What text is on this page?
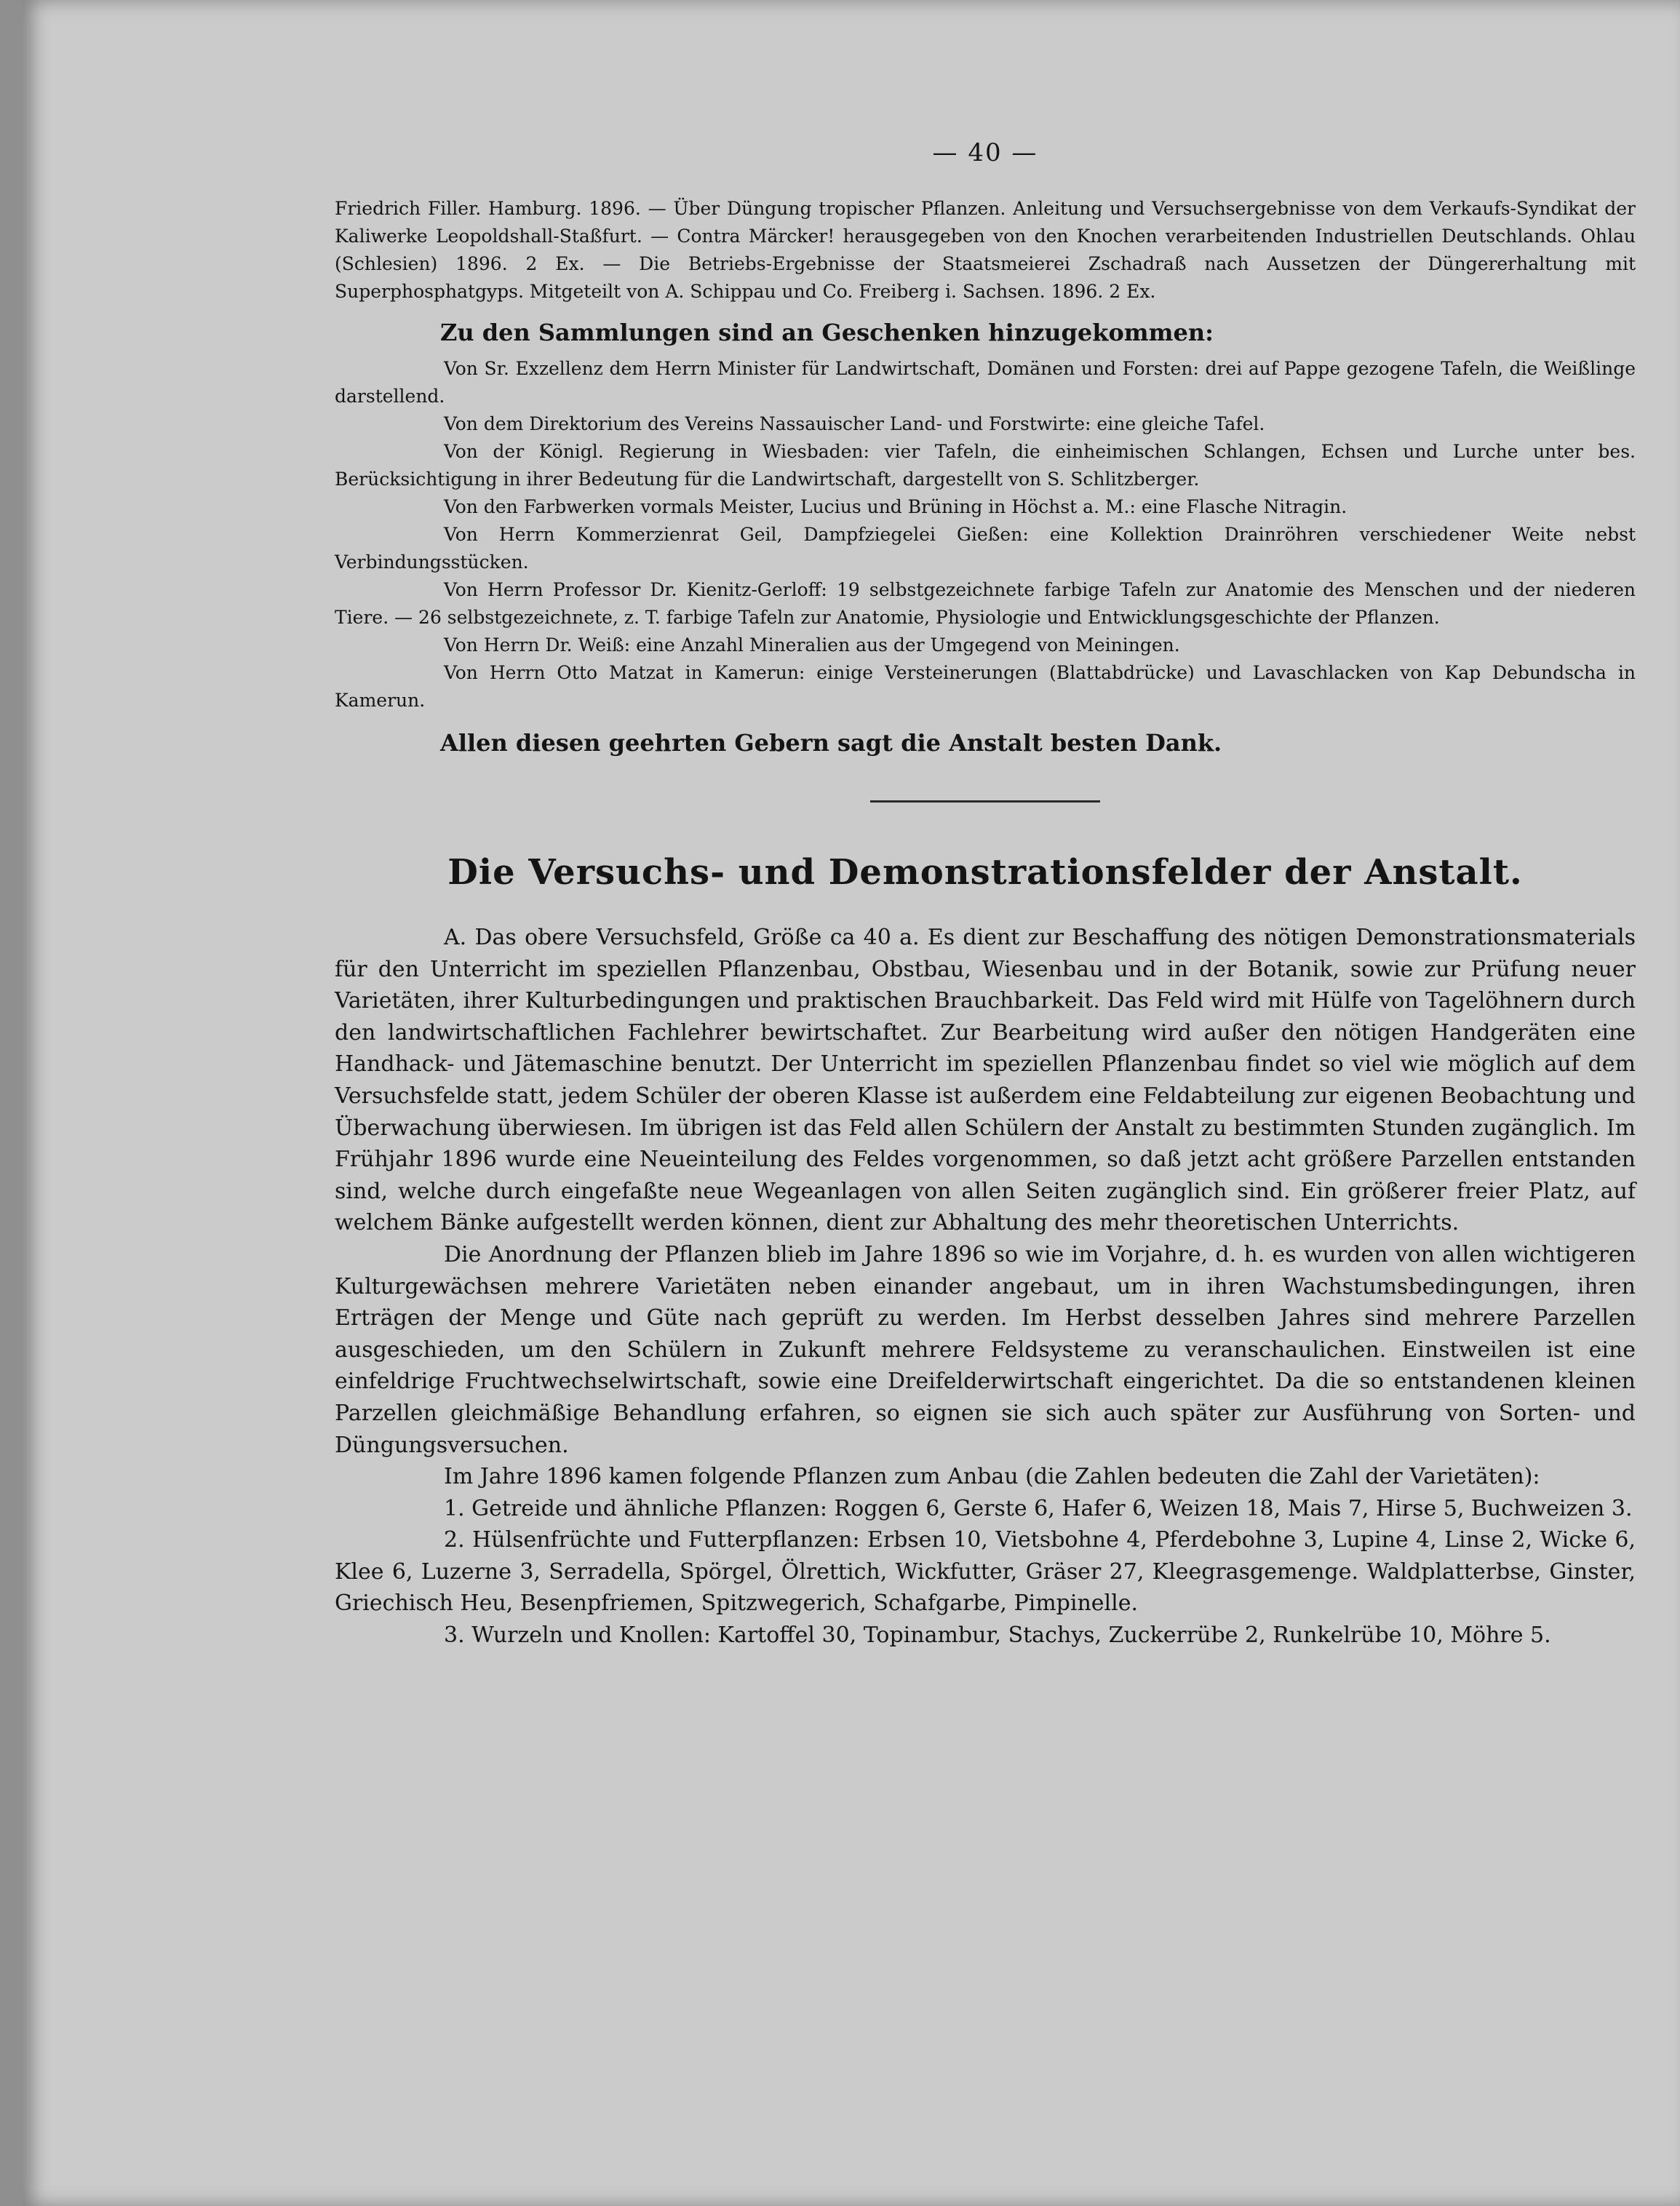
— 40 —

Friedrich Filler. Hamburg. 1896. — Über Düngung tropischer Pflanzen. Anleitung und Versuchsergebnisse von dem Verkaufs-Syndikat der Kaliwerke Leopoldshall-Staßfurt. — Contra Märcker! herausgegeben von den Knochen verarbeitenden Industriellen Deutschlands. Ohlau (Schlesien) 1896. 2 Ex. — Die Betriebs-Ergebnisse der Staatsmeierei Zschadraß nach Aussetzen der Düngererhaltung mit Superphosphatgyps. Mitgeteilt von A. Schippau und Co. Freiberg i. Sachsen. 1896. 2 Ex.

Zu den Sammlungen sind an Geschenken hinzugekommen:

Von Sr. Exzellenz dem Herrn Minister für Landwirtschaft, Domänen und Forsten: drei auf Pappe gezogene Tafeln, die Weißlinge darstellend.

Von dem Direktorium des Vereins Nassauischer Land- und Forstwirte: eine gleiche Tafel.

Von der Königl. Regierung in Wiesbaden: vier Tafeln, die einheimischen Schlangen, Echsen und Lurche unter bes. Berücksichtigung in ihrer Bedeutung für die Landwirtschaft, dargestellt von S. Schlitzberger.

Von den Farbwerken vormals Meister, Lucius und Brüning in Höchst a. M.: eine Flasche Nitragin.

Von Herrn Kommerzienrat Geil, Dampfziegelei Gießen: eine Kollektion Drainröhren verschiedener Weite nebst Verbindungsstücken.

Von Herrn Professor Dr. Kienitz-Gerloff: 19 selbstgezeichnete farbige Tafeln zur Anatomie des Menschen und der niederen Tiere. — 26 selbstgezeichnete, z. T. farbige Tafeln zur Anatomie, Physiologie und Entwicklungsgeschichte der Pflanzen.

Von Herrn Dr. Weiß: eine Anzahl Mineralien aus der Umgegend von Meiningen.

Von Herrn Otto Matzat in Kamerun: einige Versteinerungen (Blattabdrücke) und Lavaschlacken von Kap Debundscha in Kamerun.

Allen diesen geehrten Gebern sagt die Anstalt besten Dank.
Die Versuchs- und Demonstrationsfelder der Anstalt.

A. Das obere Versuchsfeld, Größe ca 40 a. Es dient zur Beschaffung des nötigen Demonstrationsmaterials für den Unterricht im speziellen Pflanzenbau, Obstbau, Wiesenbau und in der Botanik, sowie zur Prüfung neuer Varietäten, ihrer Kulturbedingungen und praktischen Brauchbarkeit. Das Feld wird mit Hülfe von Tagelöhnern durch den landwirtschaftlichen Fachlehrer bewirtschaftet. Zur Bearbeitung wird außer den nötigen Handgeräten eine Handhack- und Jätemaschine benutzt. Der Unterricht im speziellen Pflanzenbau findet so viel wie möglich auf dem Versuchsfelde statt, jedem Schüler der oberen Klasse ist außerdem eine Feldabteilung zur eigenen Beobachtung und Überwachung überwiesen. Im übrigen ist das Feld allen Schülern der Anstalt zu bestimmten Stunden zugänglich. Im Frühjahr 1896 wurde eine Neueinteilung des Feldes vorgenommen, so daß jetzt acht größere Parzellen entstanden sind, welche durch eingefaßte neue Wegeanlagen von allen Seiten zugänglich sind. Ein größerer freier Platz, auf welchem Bänke aufgestellt werden können, dient zur Abhaltung des mehr theoretischen Unterrichts.

Die Anordnung der Pflanzen blieb im Jahre 1896 so wie im Vorjahre, d. h. es wurden von allen wichtigeren Kulturgewächsen mehrere Varietäten neben einander angebaut, um in ihren Wachstumsbedingungen, ihren Erträgen der Menge und Güte nach geprüft zu werden. Im Herbst desselben Jahres sind mehrere Parzellen ausgeschieden, um den Schülern in Zukunft mehrere Feldsysteme zu veranschaulichen. Einstweilen ist eine einfeldrige Fruchtwechselwirtschaft, sowie eine Dreifelderwirtschaft eingerichtet. Da die so entstandenen kleinen Parzellen gleichmäßige Behandlung erfahren, so eignen sie sich auch später zur Ausführung von Sorten- und Düngungsversuchen.

Im Jahre 1896 kamen folgende Pflanzen zum Anbau (die Zahlen bedeuten die Zahl der Varietäten):

1. Getreide und ähnliche Pflanzen: Roggen 6, Gerste 6, Hafer 6, Weizen 18, Mais 7, Hirse 5, Buchweizen 3.

2. Hülsenfrüchte und Futterpflanzen: Erbsen 10, Vietsbohne 4, Pferdebohne 3, Lupine 4, Linse 2, Wicke 6, Klee 6, Luzerne 3, Serradella, Spörgel, Ölrettich, Wickfutter, Gräser 27, Kleegrasgemenge. Waldplatterbse, Ginster, Griechisch Heu, Besenpfriemen, Spitzwegerich, Schafgarbe, Pimpinelle.

3. Wurzeln und Knollen: Kartoffel 30, Topinambur, Stachys, Zuckerrübe 2, Runkelrübe 10, Möhre 5.
